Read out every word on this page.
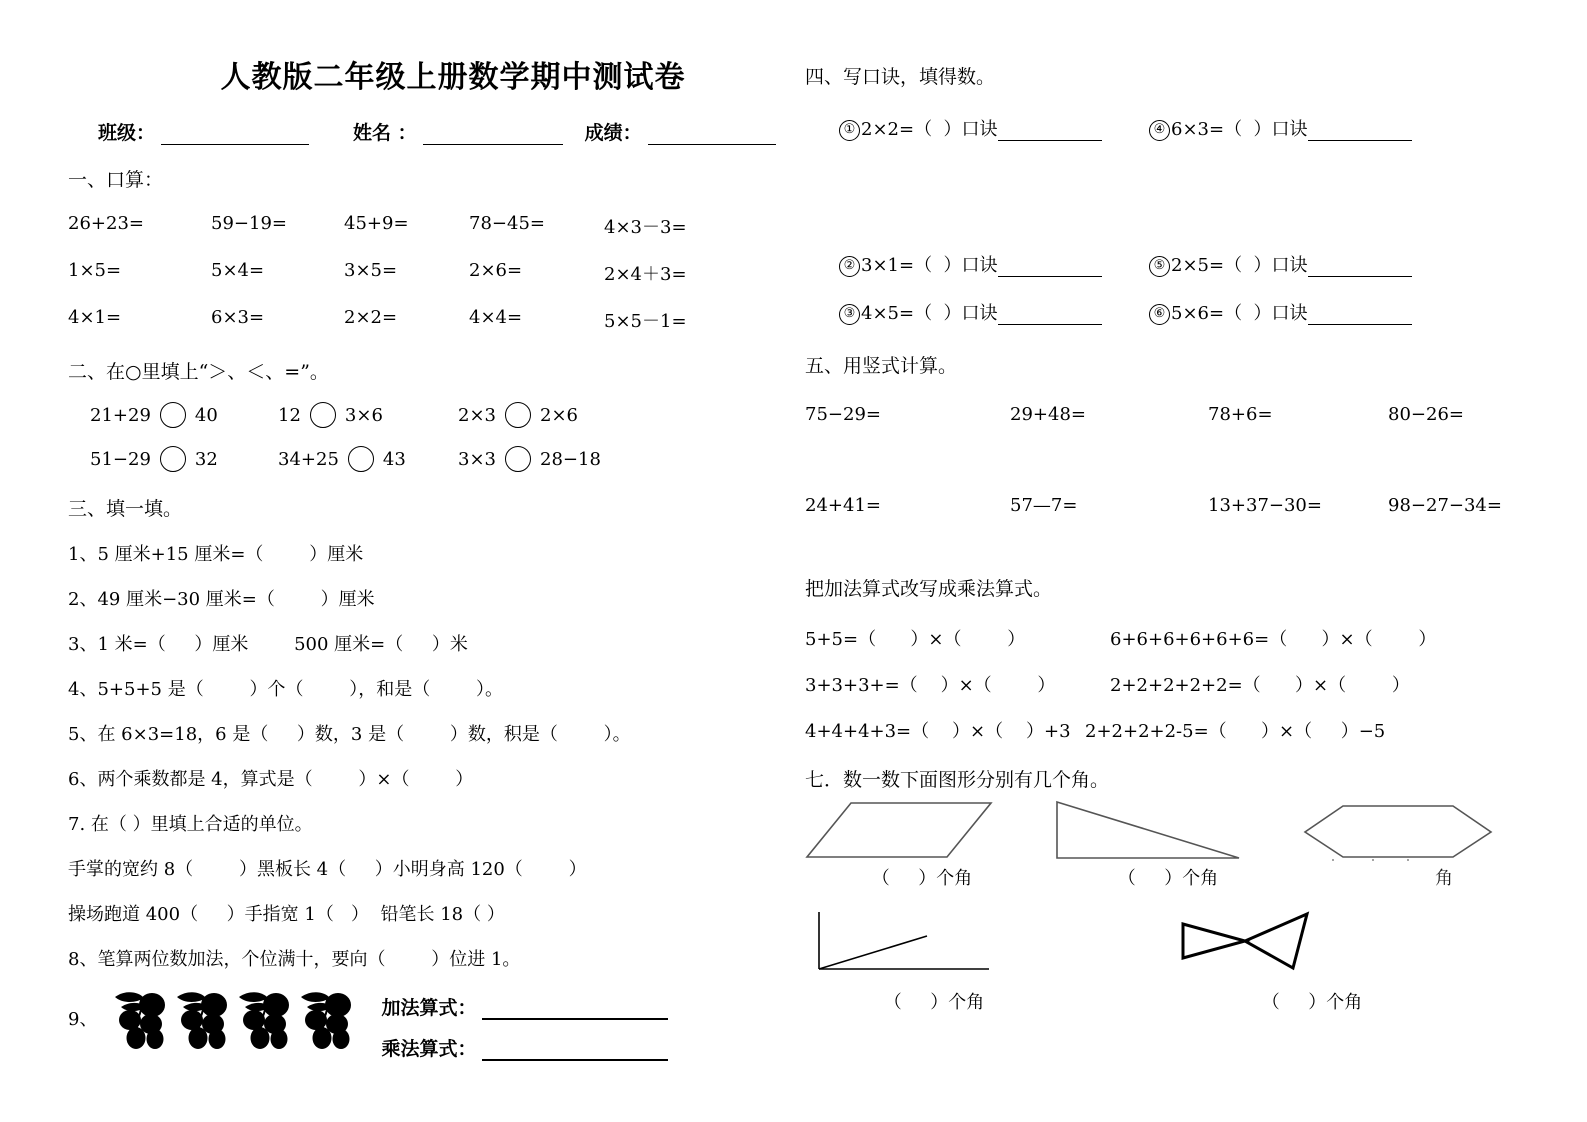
人教版二年级上册数学期中测试卷
班级：	姓名 ：	成绩：
一、口算：
26+23=	59−19=	45+9=	78−45=	4×3－3=
1×5=	5×4=	3×5=	2×6=	2×4＋3=
4×1=	6×3=	2×2=	4×4=	5×5－1=
二、在○里填上“＞、＜、=”。
21+29 40	12 3×6	2×3 2×6
51−29 32	34+25 43	3×3 28−18
三、填一填。
1、5 厘米+15 厘米=（        ）厘米
2、49 厘米−30 厘米=（        ）厘米
3、1 米=（     ）厘米        500 厘米=（     ）米
4、5+5+5 是（        ）个（        ），和是（        ）。
5、在 6×3=18，6 是（     ）数，3 是（        ）数，积是（        ）。
6、两个乘数都是 4，算式是（        ）×（        ）
7. 在（ ）里填上合适的单位。
手掌的宽约 8（        ）黑板长 4（     ）小明身高 120（        ）
操场跑道 400（     ）手指宽 1（   ）  铅笔长 18（ ）
8、笔算两位数加法，个位满十，要向（        ）位进 1。
9、
加法算式：
乘法算式：
四、写口诀，填得数。
① 2×2=（  ）口诀	④ 6×3=（  ）口诀
② 3×1=（  ）口诀	⑤ 2×5=（  ）口诀
③ 4×5=（  ）口诀	⑥ 5×6=（  ）口诀
五、用竖式计算。
75−29=	29+48=	78+6=	80−26=
24+41=	57—7=	13+37−30=	98−27−34=
把加法算式改写成乘法算式。
5+5=（      ）×（        ）	6+6+6+6+6+6=（      ）×（        ）
3+3+3+=（    ）×（        ）	2+2+2+2+2=（      ）×（        ）
4+4+4+3=（    ）×（    ）+3 2+2+2+2-5=（      ）×（     ）−5
七．数一数下面图形分别有几个角。
（     ）个角	（     ）个角	角
（     ）个角	（     ）个角
